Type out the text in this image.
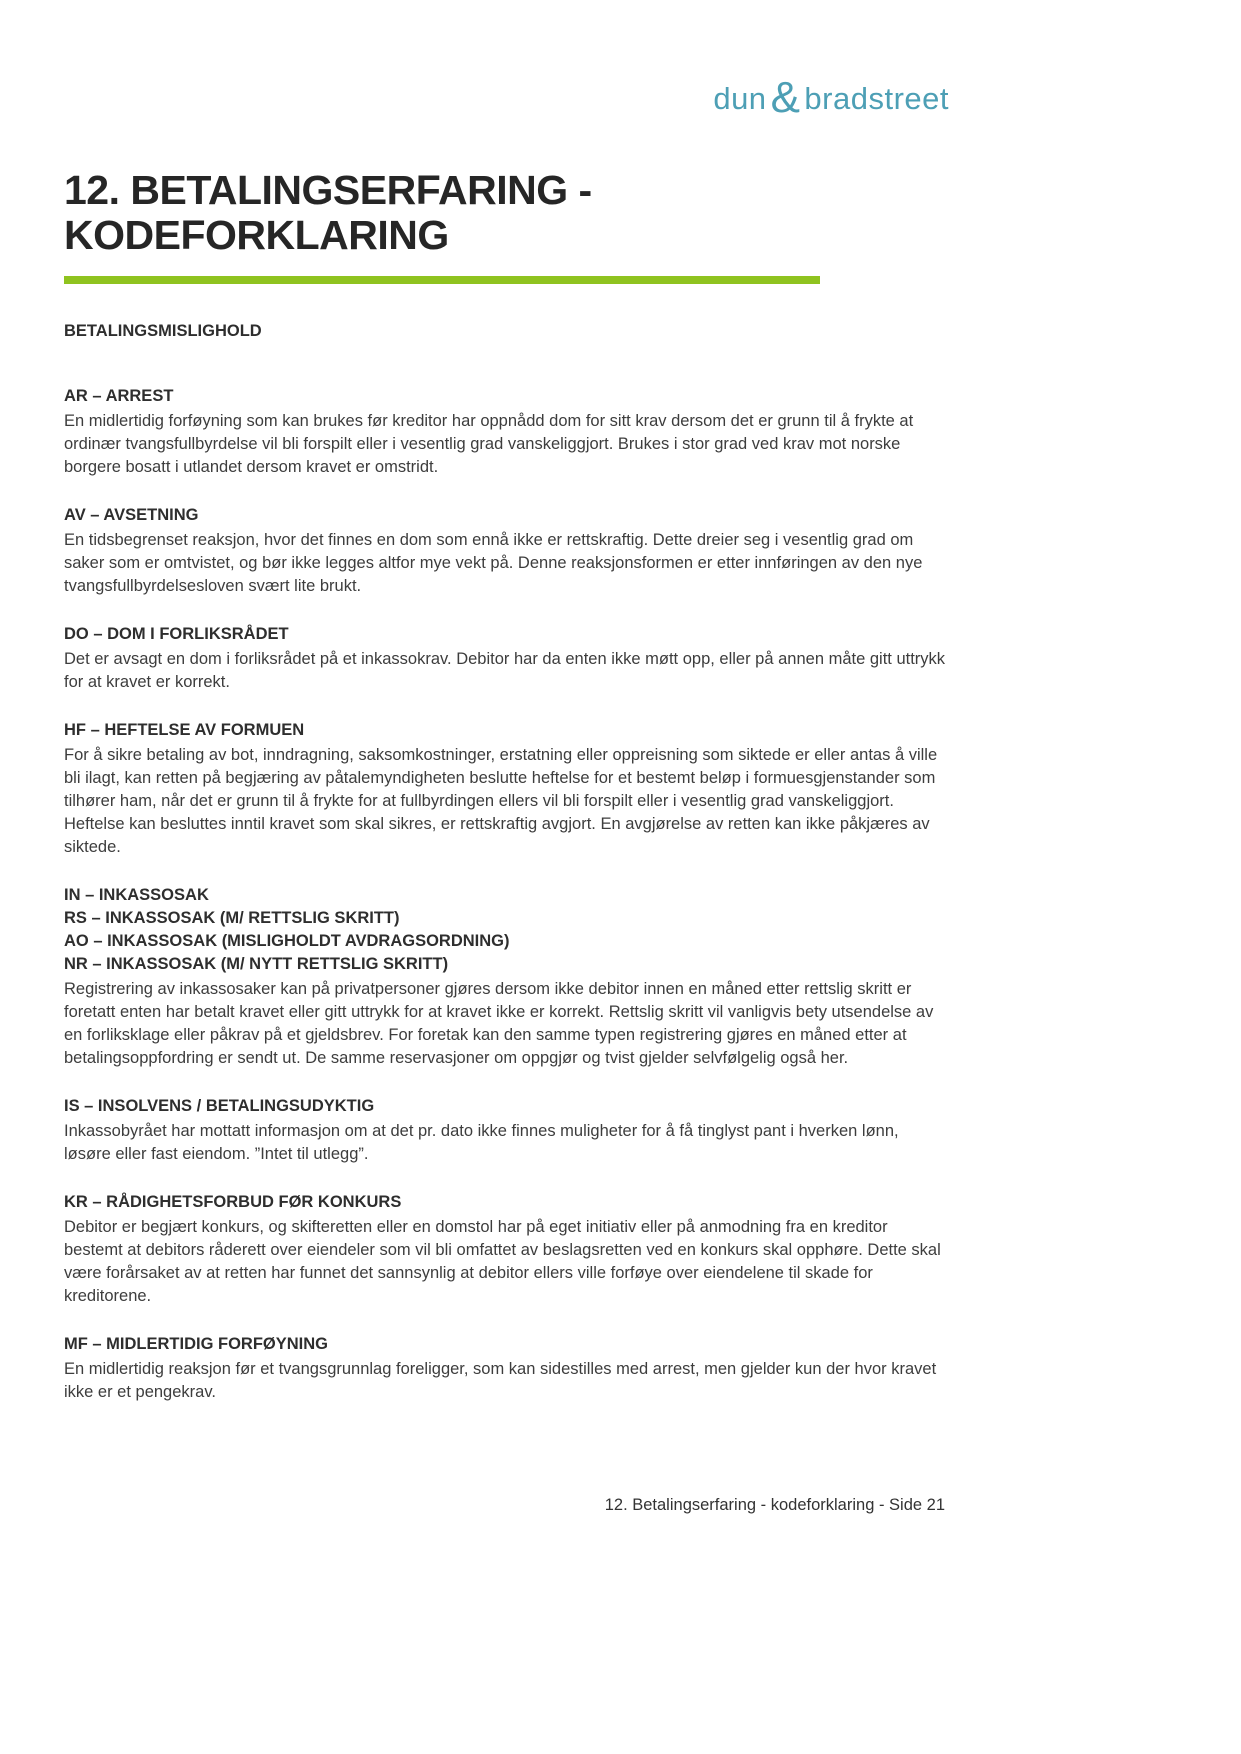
dun & bradstreet
12. BETALINGSERFARING - KODEFORKLARING
BETALINGSMISLIGHOLD
AR – ARREST

En midlertidig forføyning som kan brukes før kreditor har oppnådd dom for sitt krav dersom det er grunn til å frykte at ordinær tvangsfullbyrdelse vil bli forspilt eller i vesentlig grad vanskeliggjort. Brukes i stor grad ved krav mot norske borgere bosatt i utlandet dersom kravet er omstridt.

AV – AVSETNING

En tidsbegrenset reaksjon, hvor det finnes en dom som ennå ikke er rettskraftig. Dette dreier seg i vesentlig grad om saker som er omtvistet, og bør ikke legges altfor mye vekt på. Denne reaksjonsformen er etter innføringen av den nye tvangsfullbyrdelsesloven svært lite brukt.

DO – DOM I FORLIKSRÅDET

Det er avsagt en dom i forliksrådet på et inkassokrav. Debitor har da enten ikke møtt opp, eller på annen måte gitt uttrykk for at kravet er korrekt.

HF – HEFTELSE AV FORMUEN

For å sikre betaling av bot, inndragning, saksomkostninger, erstatning eller oppreisning som siktede er eller antas å ville bli ilagt, kan retten på begjæring av påtalemyndigheten beslutte heftelse for et bestemt beløp i formuesgjenstander som tilhører ham, når det er grunn til å frykte for at fullbyrdingen ellers vil bli forspilt eller i vesentlig grad vanskeliggjort. Heftelse kan besluttes inntil kravet som skal sikres, er rettskraftig avgjort. En avgjørelse av retten kan ikke påkjæres av siktede.

IN – INKASSOSAK
RS – INKASSOSAK (M/ RETTSLIG SKRITT)
AO – INKASSOSAK (MISLIGHOLDT AVDRAGSORDNING)
NR – INKASSOSAK (M/ NYTT RETTSLIG SKRITT)

Registrering av inkassosaker kan på privatpersoner gjøres dersom ikke debitor innen en måned etter rettslig skritt er foretatt enten har betalt kravet eller gitt uttrykk for at kravet ikke er korrekt. Rettslig skritt vil vanligvis bety utsendelse av en forliksklage eller påkrav på et gjeldsbrev. For foretak kan den samme typen registrering gjøres en måned etter at betalingsoppfordring er sendt ut. De samme reservasjoner om oppgjør og tvist gjelder selvfølgelig også her.

IS – INSOLVENS / BETALINGSUDYKTIG

Inkassobyrået har mottatt informasjon om at det pr. dato ikke finnes muligheter for å få tinglyst pant i hverken lønn, løsøre eller fast eiendom. ”Intet til utlegg”.

KR – RÅDIGHETSFORBUD FØR KONKURS

Debitor er begjært konkurs, og skifteretten eller en domstol har på eget initiativ eller på anmodning fra en kreditor bestemt at debitors råderett over eiendeler som vil bli omfattet av beslagsretten ved en konkurs skal opphøre. Dette skal være forårsaket av at retten har funnet det sannsynlig at debitor ellers ville forføye over eiendelene til skade for kreditorene.

MF – MIDLERTIDIG FORFØYNING

En midlertidig reaksjon før et tvangsgrunnlag foreligger, som kan sidestilles med arrest, men gjelder kun der hvor kravet ikke er et pengekrav.

12. Betalingserfaring - kodeforklaring - Side 21
